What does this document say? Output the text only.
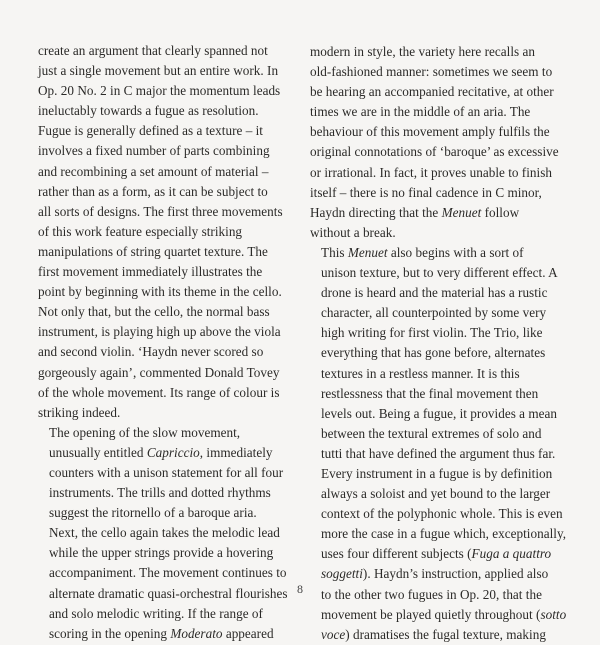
create an argument that clearly spanned not
just a single movement but an entire work. In
Op. 20 No. 2 in C major the momentum leads
ineluctably towards a fugue as resolution.
Fugue is generally defined as a texture – it
involves a fixed number of parts combining
and recombining a set amount of material –
rather than as a form, as it can be subject to
all sorts of designs. The first three movements
of this work feature especially striking
manipulations of string quartet texture. The
first movement immediately illustrates the
point by beginning with its theme in the cello.
Not only that, but the cello, the normal bass
instrument, is playing high up above the viola
and second violin. ‘Haydn never scored so
gorgeously again’, commented Donald Tovey
of the whole movement. Its range of colour is
striking indeed.

The opening of the slow movement,
unusually entitled Capriccio, immediately
counters with a unison statement for all four
instruments. The trills and dotted rhythms
suggest the ritornello of a baroque aria.
Next, the cello again takes the melodic lead
while the upper strings provide a hovering
accompaniment. The movement continues to
alternate dramatic quasi-orchestral flourishes
and solo melodic writing. If the range of
scoring in the opening Moderato appeared

modern in style, the variety here recalls an
old-fashioned manner: sometimes we seem to
be hearing an accompanied recitative, at other
times we are in the middle of an aria. The
behaviour of this movement amply fulfils the
original connotations of ‘baroque’ as excessive
or irrational. In fact, it proves unable to finish
itself – there is no final cadence in C minor,
Haydn directing that the Menuet follow
without a break.

This Menuet also begins with a sort of
unison texture, but to very different effect. A
drone is heard and the material has a rustic
character, all counterpointed by some very
high writing for first violin. The Trio, like
everything that has gone before, alternates
textures in a restless manner. It is this
restlessness that the final movement then
levels out. Being a fugue, it provides a mean
between the textural extremes of solo and
tutti that have defined the argument thus far.
Every instrument in a fugue is by definition
always a soloist and yet bound to the larger
context of the polyphonic whole. This is even
more the case in a fugue which, exceptionally,
uses four different subjects (Fuga a quattro
soggetti). Haydn’s instruction, applied also
to the other two fugues in Op. 20, that the
movement be played quietly throughout (sotto
voce) dramatises the fugal texture, making

8
